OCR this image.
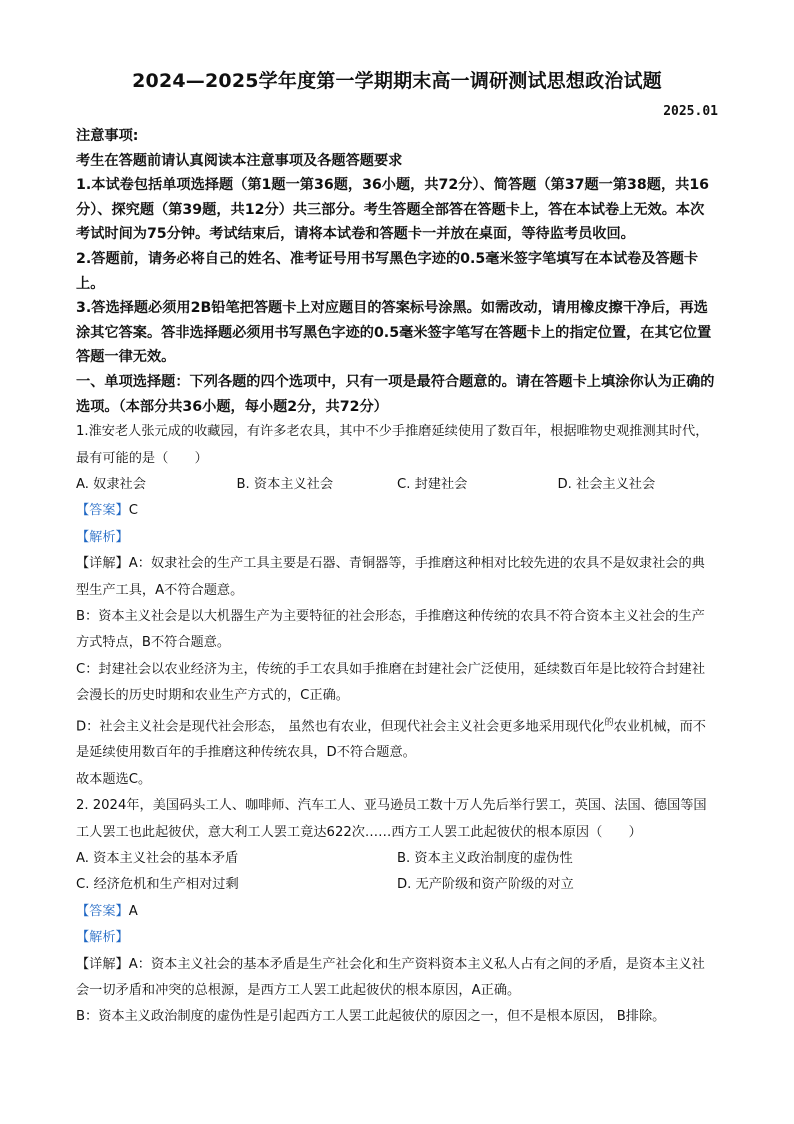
2024—2025学年度第一学期期末高一调研测试思想政治试题
2025.01

注意事项:

考生在答题前请认真阅读本注意事项及各题答题要求

1.本试卷包括单项选择题（第1题一第36题，36小题，共72分）、简答题（第37题一第38题，共16分）、探究题（第39题，共12分）共三部分。考生答题全部答在答题卡上，答在本试卷上无效。本次考试时间为75分钟。考试结束后，请将本试卷和答题卡一并放在桌面，等待监考员收回。

2.答题前，请务必将自己的姓名、准考证号用书写黑色字迹的0.5毫米签字笔填写在本试卷及答题卡上。

3.答选择题必须用2B铅笔把答题卡上对应题目的答案标号涂黑。如需改动，请用橡皮擦干净后，再选涂其它答案。答非选择题必须用书写黑色字迹的0.5毫米签字笔写在答题卡上的指定位置，在其它位置答题一律无效。

一、单项选择题：下列各题的四个选项中，只有一项是最符合题意的。请在答题卡上填涂你认为正确的选项。（本部分共36小题，每小题2分，共72分）

1.淮安老人张元成的收藏园，有许多老农具，其中不少手推磨延续使用了数百年，根据唯物史观推测其时代，最有可能的是（　　）

A. 奴隶社会	B. 资本主义社会	C. 封建社会	D. 社会主义社会

【答案】C

【解析】

【详解】A：奴隶社会的生产工具主要是石器、青铜器等，手推磨这种相对比较先进的农具不是奴隶社会的典型生产工具，A不符合题意。

B：资本主义社会是以大机器生产为主要特征的社会形态，手推磨这种传统的农具不符合资本主义社会的生产方式特点，B不符合题意。

C：封建社会以农业经济为主，传统的手工农具如手推磨在封建社会广泛使用，延续数百年是比较符合封建社会漫长的历史时期和农业生产方式的，C正确。

D：社会主义社会是现代社会形态， 虽然也有农业，但现代社会主义社会更多地采用现代化$^的$农业机械，而不是延续使用数百年的手推磨这种传统农具，D不符合题意。

故本题选C。

2. 2024年，美国码头工人、咖啡师、汽车工人、亚马逊员工数十万人先后举行罢工，英国、法国、德国等国工人罢工也此起彼伏，意大利工人罢工竟达622次……西方工人罢工此起彼伏的根本原因（　　）

A. 资本主义社会的基本矛盾	B. 资本主义政治制度的虚伪性
C. 经济危机和生产相对过剩	D. 无产阶级和资产阶级的对立

【答案】A

【解析】

【详解】A：资本主义社会的基本矛盾是生产社会化和生产资料资本主义私人占有之间的矛盾，是资本主义社会一切矛盾和冲突的总根源，是西方工人罢工此起彼伏的根本原因，A正确。

B：资本主义政治制度的虚伪性是引起西方工人罢工此起彼伏的原因之一，但不是根本原因， B排除。
